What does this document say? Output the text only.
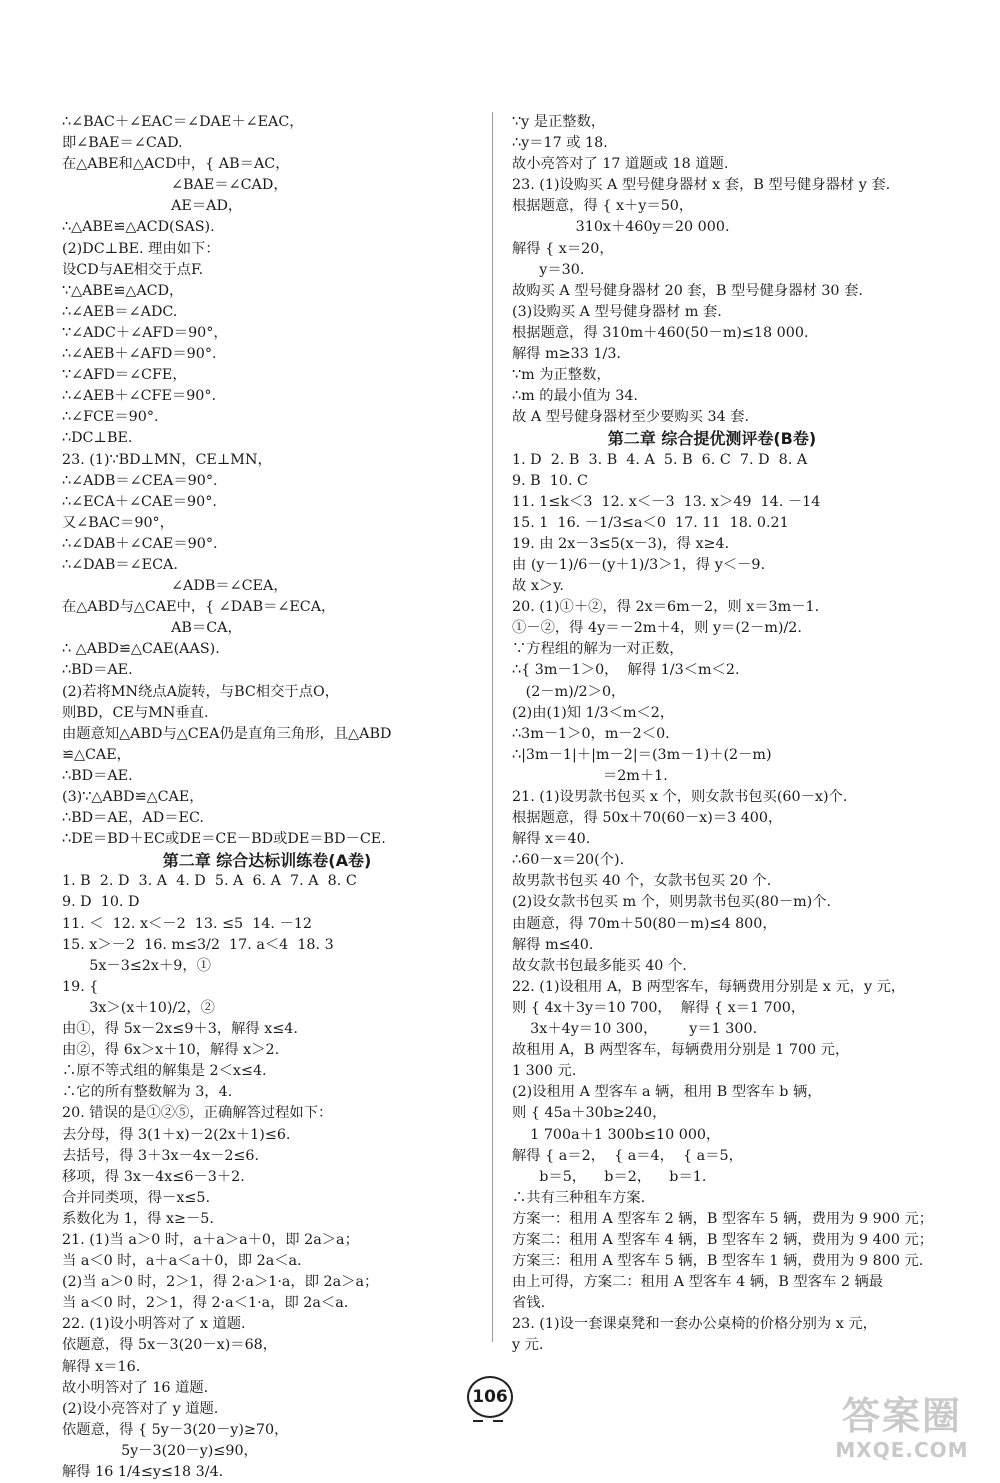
∴∠BAC＋∠EAC＝∠DAE＋∠EAC，
即∠BAE＝∠CAD.
在△ABE和△ACD中，{ AB＝AC，
∠BAE＝∠CAD，
AE＝AD，
∴△ABE≌△ACD(SAS).
(2)DC⊥BE. 理由如下：
设CD与AE相交于点F.
∵△ABE≌△ACD，
∴∠AEB＝∠ADC.
∵∠ADC＋∠AFD＝90°，
∴∠AEB＋∠AFD＝90°.
∵∠AFD＝∠CFE，
∴∠AEB＋∠CFE＝90°.
∴∠FCE＝90°.
∴DC⊥BE.
23. (1)∵BD⊥MN，CE⊥MN，
∴∠ADB＝∠CEA＝90°.
∴∠ECA＋∠CAE＝90°.
又∠BAC＝90°，
∴∠DAB＋∠CAE＝90°.
∴∠DAB＝∠ECA.
∠ADB＝∠CEA，
在△ABD与△CAE中，{ ∠DAB＝∠ECA，
AB＝CA，
∴ △ABD≌△CAE(AAS).
∴BD＝AE.
(2)若将MN绕点A旋转，与BC相交于点O，
则BD，CE与MN垂直.
由题意知△ABD与△CEA仍是直角三角形，且△ABD
≌△CAE，
∴BD＝AE.
(3)∵△ABD≌△CAE，
∴BD＝AE，AD＝EC.
∴DE＝BD＋EC或DE＝CE－BD或DE＝BD－CE.
第二章 综合达标训练卷(A卷)
1. B  2. D  3. A  4. D  5. A  6. A  7. A  8. C
9. D  10. D
11. ＜  12. x＜－2  13. ≤5  14. －12
15. x＞－2  16. m≤3/2  17. a＜4  18. 3
5x－3≤2x＋9，①
19. {
3x＞(x＋10)/2，②
由①，得 5x－2x≤9＋3，解得 x≤4.
由②，得 6x＞x＋10，解得 x＞2.
∴原不等式组的解集是 2＜x≤4.
∴它的所有整数解为 3，4.
20. 错误的是①②⑤，正确解答过程如下：
去分母，得 3(1＋x)－2(2x＋1)≤6.
去括号，得 3＋3x－4x－2≤6.
移项，得 3x－4x≤6－3＋2.
合并同类项，得－x≤5.
系数化为 1，得 x≥－5.
21. (1)当 a＞0 时，a＋a＞a＋0，即 2a＞a；
当 a＜0 时，a＋a＜a＋0，即 2a＜a.
(2)当 a＞0 时，2＞1，得 2·a＞1·a，即 2a＞a；
当 a＜0 时，2＞1，得 2·a＜1·a，即 2a＜a.
22. (1)设小明答对了 x 道题.
依题意，得 5x－3(20－x)＝68，
解得 x＝16.
故小明答对了 16 道题.
(2)设小亮答对了 y 道题.
依题意，得 { 5y－3(20－y)≥70，
5y－3(20－y)≤90，
解得 16 1/4≤y≤18 3/4.
∵y 是正整数，
∴y＝17 或 18.
故小亮答对了 17 道题或 18 道题.
23. (1)设购买 A 型号健身器材 x 套，B 型号健身器材 y 套.
根据题意，得 { x＋y＝50，
310x＋460y＝20 000.
解得 { x＝20，
y＝30.
故购买 A 型号健身器材 20 套，B 型号健身器材 30 套.
(3)设购买 A 型号健身器材 m 套.
根据题意，得 310m＋460(50－m)≤18 000.
解得 m≥33 1/3.
∵m 为正整数，
∴m 的最小值为 34.
故 A 型号健身器材至少要购买 34 套.
第二章 综合提优测评卷(B卷)
1. D  2. B  3. B  4. A  5. B  6. C  7. D  8. A
9. B  10. C
11. 1≤k＜3  12. x＜－3  13. x＞49  14. －14
15. 1  16. －1/3≤a＜0  17. 11  18. 0.21
19. 由 2x－3≤5(x－3)，得 x≥4.
由 (y－1)/6－(y＋1)/3＞1，得 y＜－9.
故 x＞y.
20. (1)①＋②，得 2x＝6m－2，则 x＝3m－1.
①－②，得 4y＝－2m＋4，则 y＝(2－m)/2.
∵方程组的解为一对正数，
∴{ 3m－1＞0，  解得 1/3＜m＜2.
(2－m)/2＞0，
(2)由(1)知 1/3＜m＜2，
∴3m－1＞0，m－2＜0.
∴|3m－1|＋|m－2|＝(3m－1)＋(2－m)
＝2m＋1.
21. (1)设男款书包买 x 个，则女款书包买(60－x)个.
根据题意，得 50x＋70(60－x)＝3 400，
解得 x＝40.
∴60－x＝20(个).
故男款书包买 40 个，女款书包买 20 个.
(2)设女款书包买 m 个，则男款书包买(80－m)个.
由题意，得 70m＋50(80－m)≤4 800，
解得 m≤40.
故女款书包最多能买 40 个.
22. (1)设租用 A，B 两型客车，每辆费用分别是 x 元，y 元，
则 { 4x＋3y＝10 700，  解得 { x＝1 700，
3x＋4y＝10 300，       y＝1 300.
故租用 A，B 两型客车，每辆费用分别是 1 700 元，
1 300 元.
(2)设租用 A 型客车 a 辆，租用 B 型客车 b 辆，
则 { 45a＋30b≥240，
1 700a＋1 300b≤10 000，
解得 { a＝2，  { a＝4，  { a＝5，
b＝5，    b＝2，    b＝1.
∴共有三种租车方案.
方案一：租用 A 型客车 2 辆，B 型客车 5 辆，费用为 9 900 元；
方案二：租用 A 型客车 4 辆，B 型客车 2 辆，费用为 9 400 元；
方案三：租用 A 型客车 5 辆，B 型客车 1 辆，费用为 9 800 元.
由上可得，方案二：租用 A 型客车 4 辆，B 型客车 2 辆最
省钱.
23. (1)设一套课桌凳和一套办公桌椅的价格分别为 x 元，
y 元.
106	答案圈
MXQE.COM
